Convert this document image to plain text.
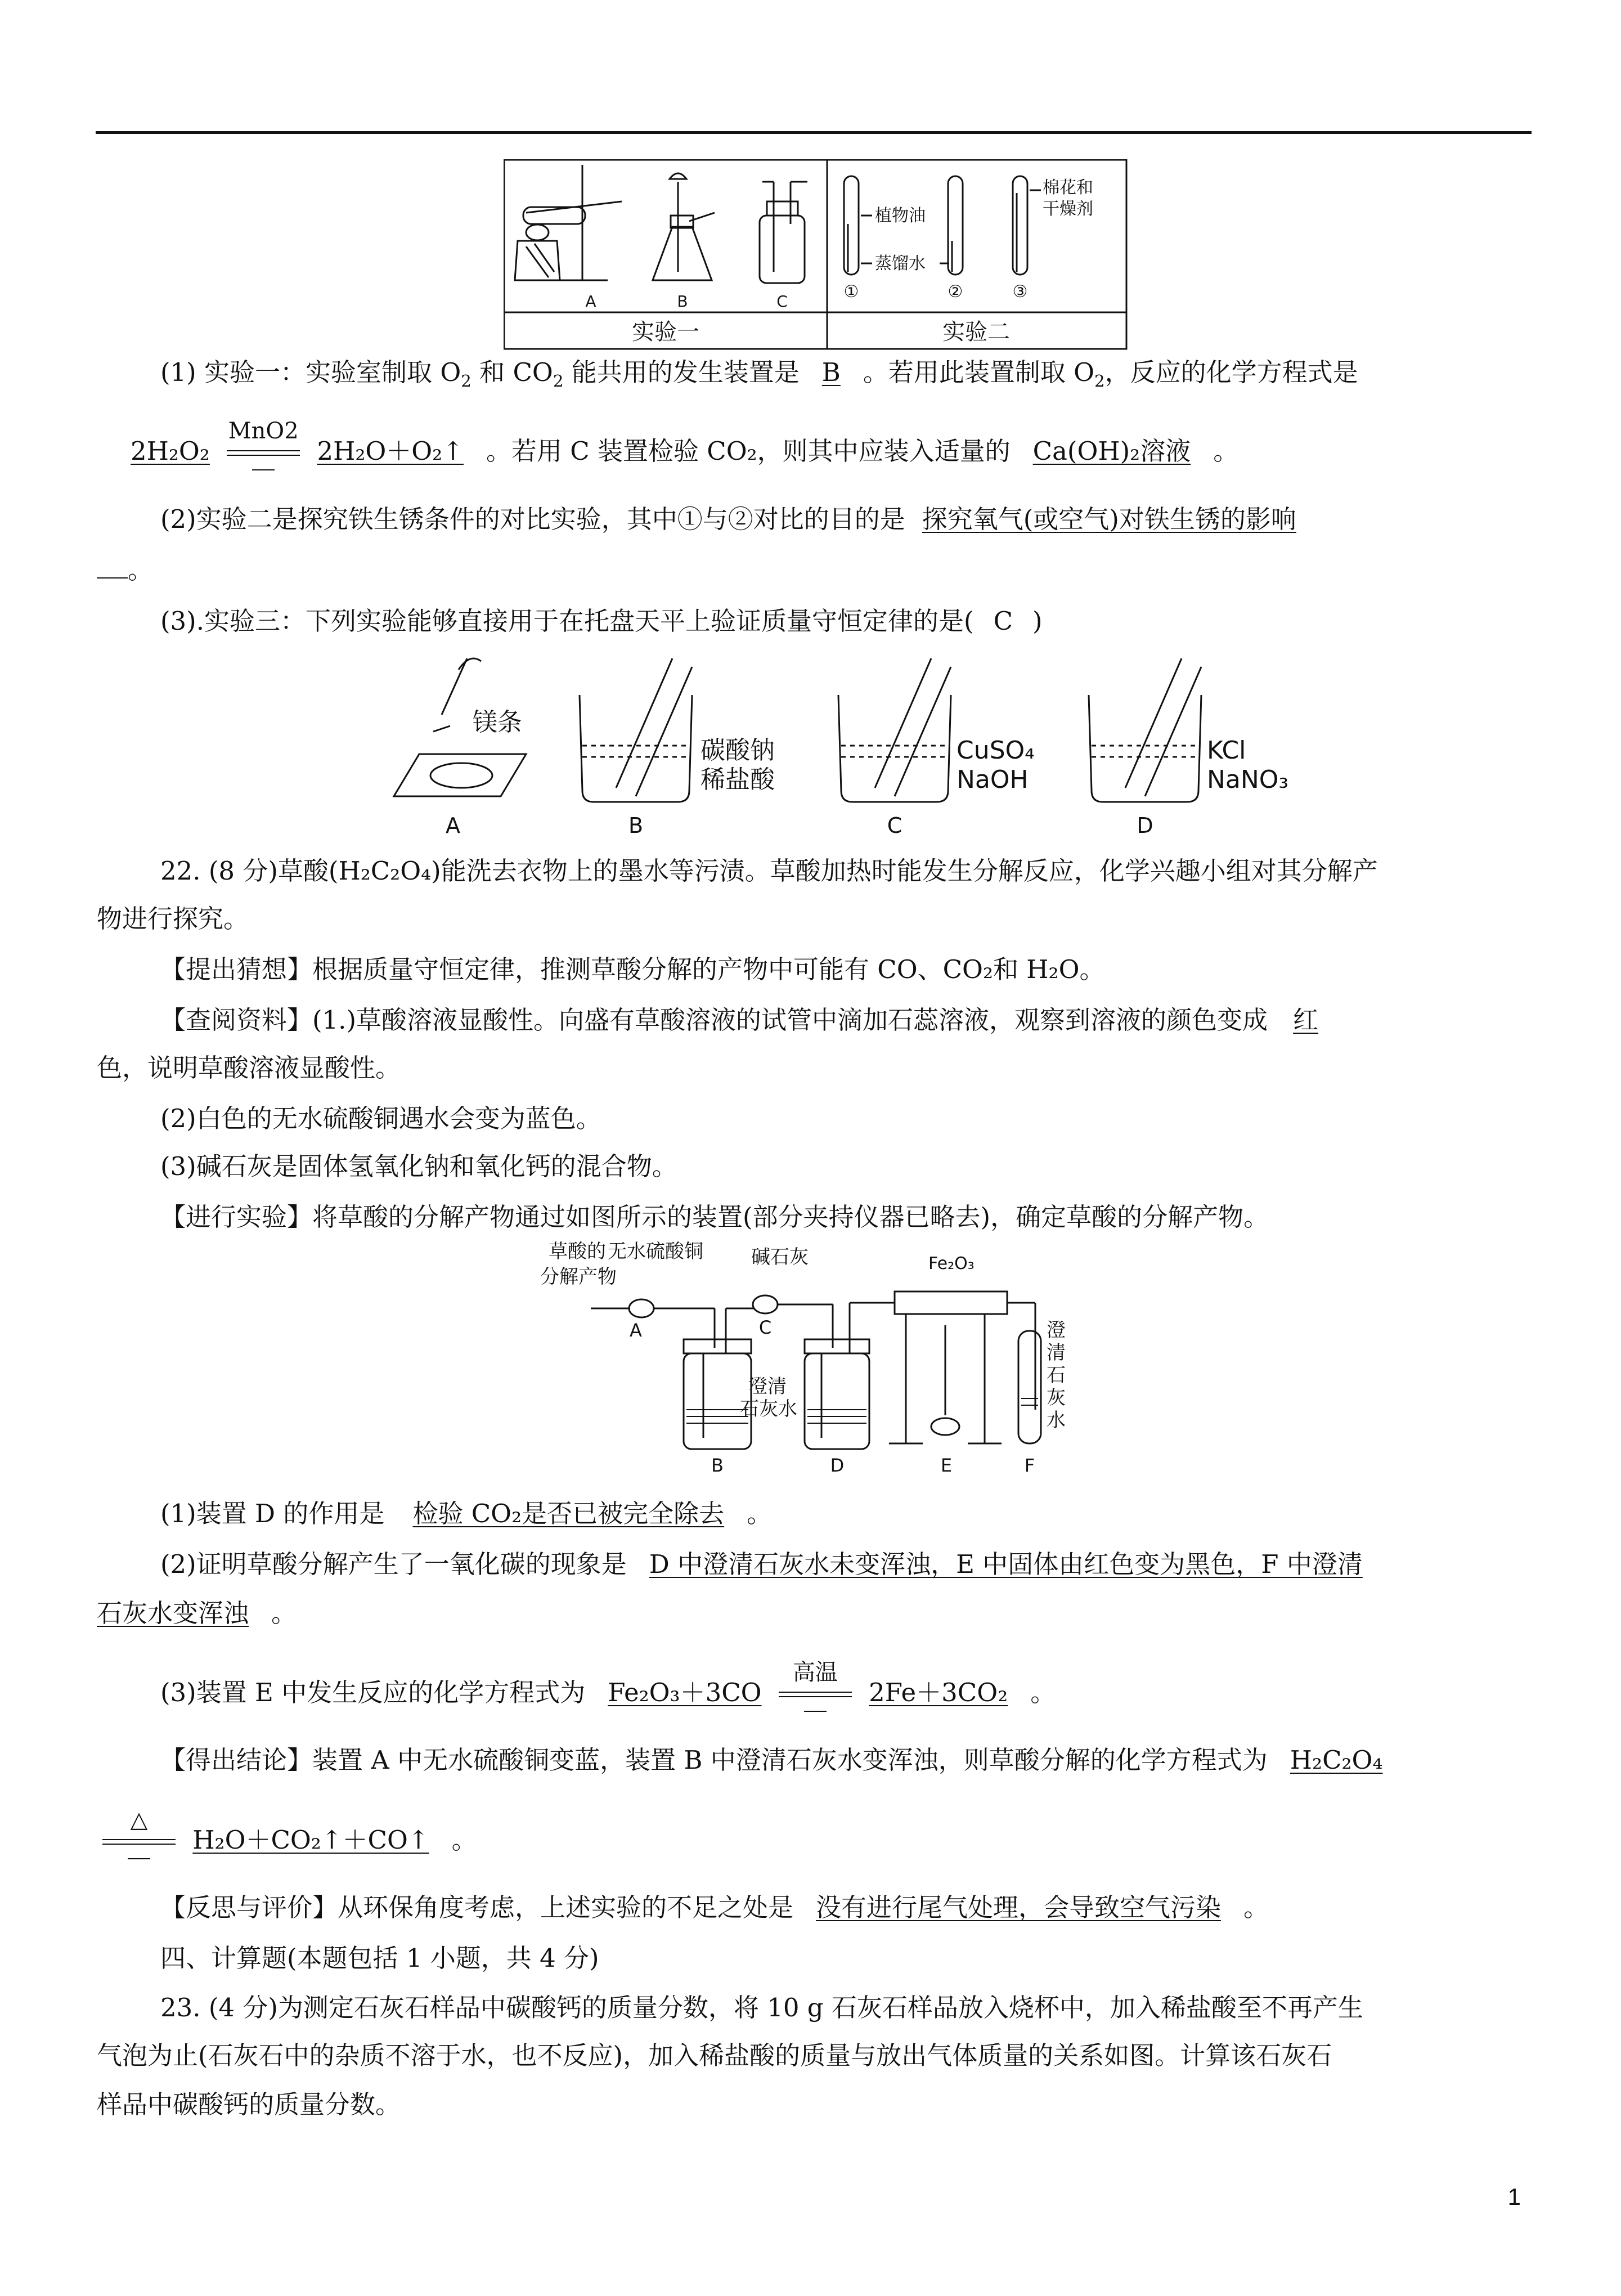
A	B	C
植物油
蒸馏水
棉花和
干燥剂
①	②	③
实验一	实验二
(1) 实验一：实验室制取 $O_2$ 和 $CO_2$ 能共用的发生装置是 B 。若用此装置制取 $O_2$，反应的化学方程式是
2H₂O₂
MnO2
2H₂O＋O₂↑ 。若用 C 装置检验 CO₂，则其中应装入适量的 Ca(OH)₂溶液 。
(2)实验二是探究铁生锈条件的对比实验，其中①与②对比的目的是 探究氧气(或空气)对铁生锈的影响
。
(3).实验三：下列实验能够直接用于在托盘天平上验证质量守恒定律的是( C )
镁条
碳酸钠
稀盐酸
CuSO₄
NaOH
KCl
NaNO₃
A	B	C	D
22. (8 分)草酸(H₂C₂O₄)能洗去衣物上的墨水等污渍。草酸加热时能发生分解反应，化学兴趣小组对其分解产
物进行探究。
【提出猜想】根据质量守恒定律，推测草酸分解的产物中可能有 CO、CO₂和 H₂O。
【查阅资料】(1.)草酸溶液显酸性。向盛有草酸溶液的试管中滴加石蕊溶液，观察到溶液的颜色变成 红
色，说明草酸溶液显酸性。
(2)白色的无水硫酸铜遇水会变为蓝色。
(3)碱石灰是固体氢氧化钠和氧化钙的混合物。
【进行实验】将草酸的分解产物通过如图所示的装置(部分夹持仪器已略去)，确定草酸的分解产物。
草酸的
分解产物
无水硫酸铜	碱石灰	Fe₂O₃
澄清
石灰水
澄
清
石
灰
水
A
B
C
D	E	F
(1)装置 D 的作用是 检验 CO₂是否已被完全除去 。
(2)证明草酸分解产生了一氧化碳的现象是 D 中澄清石灰水未变浑浊，E 中固体由红色变为黑色，F 中澄清
石灰水变浑浊 。
(3)装置 E 中发生反应的化学方程式为 Fe₂O₃＋3CO
高温
2Fe＋3CO₂ 。
【得出结论】装置 A 中无水硫酸铜变蓝，装置 B 中澄清石灰水变浑浊，则草酸分解的化学方程式为 H₂C₂O₄
△
H₂O＋CO₂↑＋CO↑ 。
【反思与评价】从环保角度考虑，上述实验的不足之处是 没有进行尾气处理，会导致空气污染 。
四、计算题(本题包括 1 小题，共 4 分)
23. (4 分)为测定石灰石样品中碳酸钙的质量分数，将 10 g 石灰石样品放入烧杯中，加入稀盐酸至不再产生
气泡为止(石灰石中的杂质不溶于水，也不反应)，加入稀盐酸的质量与放出气体质量的关系如图。计算该石灰石
样品中碳酸钙的质量分数。
1
